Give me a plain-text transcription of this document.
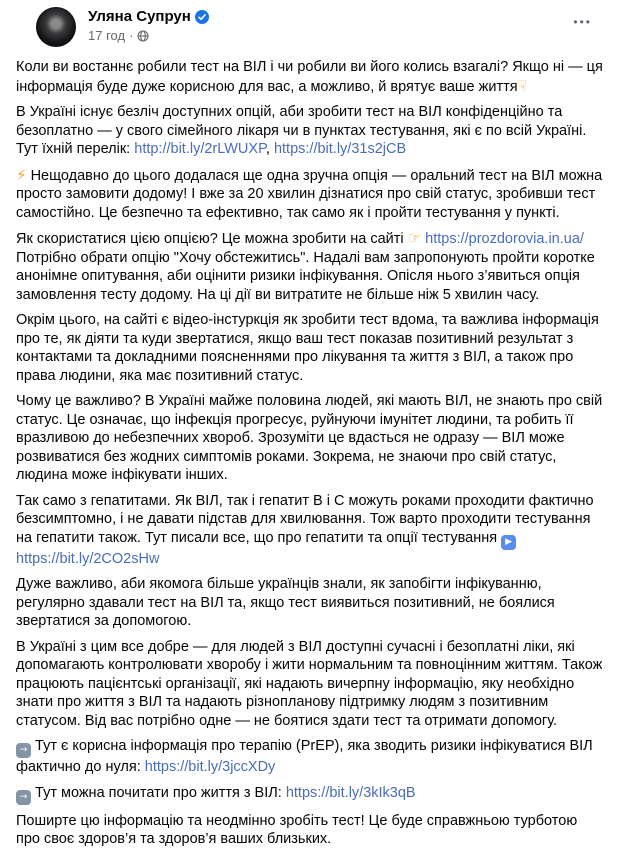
Уляна Супрун
17 год ·
•••
Коли ви востаннє робили тест на ВІЛ і чи робили ви його колись взагалі? Якщо ні — ця інформація буде дуже корисною для вас, а можливо, й врятує ваше життя☟
В Україні існує безліч доступних опцій, аби зробити тест на ВІЛ конфіденційно та безоплатно — у свого сімейного лікаря чи в пунктах тестування, які є по всій Україні. Тут їхній перелік: http://bit.ly/2rLWUXP, https://bit.ly/31s2jCB
⚡ Нещодавно до цього додалася ще одна зручна опція — оральний тест на ВІЛ можна просто замовити додому! І вже за 20 хвилин дізнатися про свій статус, зробивши тест самостійно. Це безпечно та ефективно, так само як і пройти тестування у пункті.
Як скористатися цією опцією? Це можна зробити на сайті ☞ https://prozdorovia.in.ua/ Потрібно обрати опцію "Хочу обстежитись". Надалі вам запропонують пройти коротке анонімне опитування, аби оцінити ризики інфікування. Опісля нього з’явиться опція замовлення тесту додому. На ці дії ви витратите не більше ніж 5 хвилин часу.
Окрім цього, на сайті є відео-інстуркція як зробити тест вдома, та важлива інформація про те, як діяти та куди звертатися, якщо ваш тест показав позитивний результат з контактами та докладними поясненнями про лікування та життя з ВІЛ, а також про права людини, яка має позитивний статус.
Чому це важливо? В Україні майже половина людей, які мають ВІЛ, не знають про свій статус. Це означає, що інфекція прогресує, руйнуючи імунітет людини, та робить її вразливою до небезпечних хвороб. Зрозуміти це вдасться не одразу — ВІЛ може розвиватися без жодних симптомів роками. Зокрема, не знаючи про свій статус, людина може інфікувати інших.
Так само з гепатитами. Як ВІЛ, так і гепатит В і С можуть роками проходити фактично безсимптомно, і не давати підстав для хвилювання. Тож варто проходити тестування на гепатити також. Тут писали все, що про гепатити та опції тестування ▶ https://bit.ly/2CO2sHw
Дуже важливо, аби якомога більше українців знали, як запобігти інфікуванню, регулярно здавали тест на ВІЛ та, якщо тест виявиться позитивний, не боялися звертатися за допомогою.
В Україні з цим все добре — для людей з ВІЛ доступні сучасні і безоплатні ліки, які допомагають контролювати хворобу і жити нормальним та повноцінним життям. Також працюють пацієнтські організації, які надають вичерпну інформацію, яку необхідно знати про життя з ВІЛ та надають різнопланову підтримку людям з позитивним статусом. Від вас потрібно одне — не боятися здати тест та отримати допомогу.
→ Тут є корисна інформація про терапію (PrEP), яка зводить ризики інфікуватися ВІЛ фактично до нуля: https://bit.ly/3jccXDy
→ Тут можна почитати про життя з ВІЛ: https://bit.ly/3kIk3qB
Поширте цю інформацію та неодмінно зробіть тест! Це буде справжньою турботою про своє здоров’я та здоров’я ваших близьких.
